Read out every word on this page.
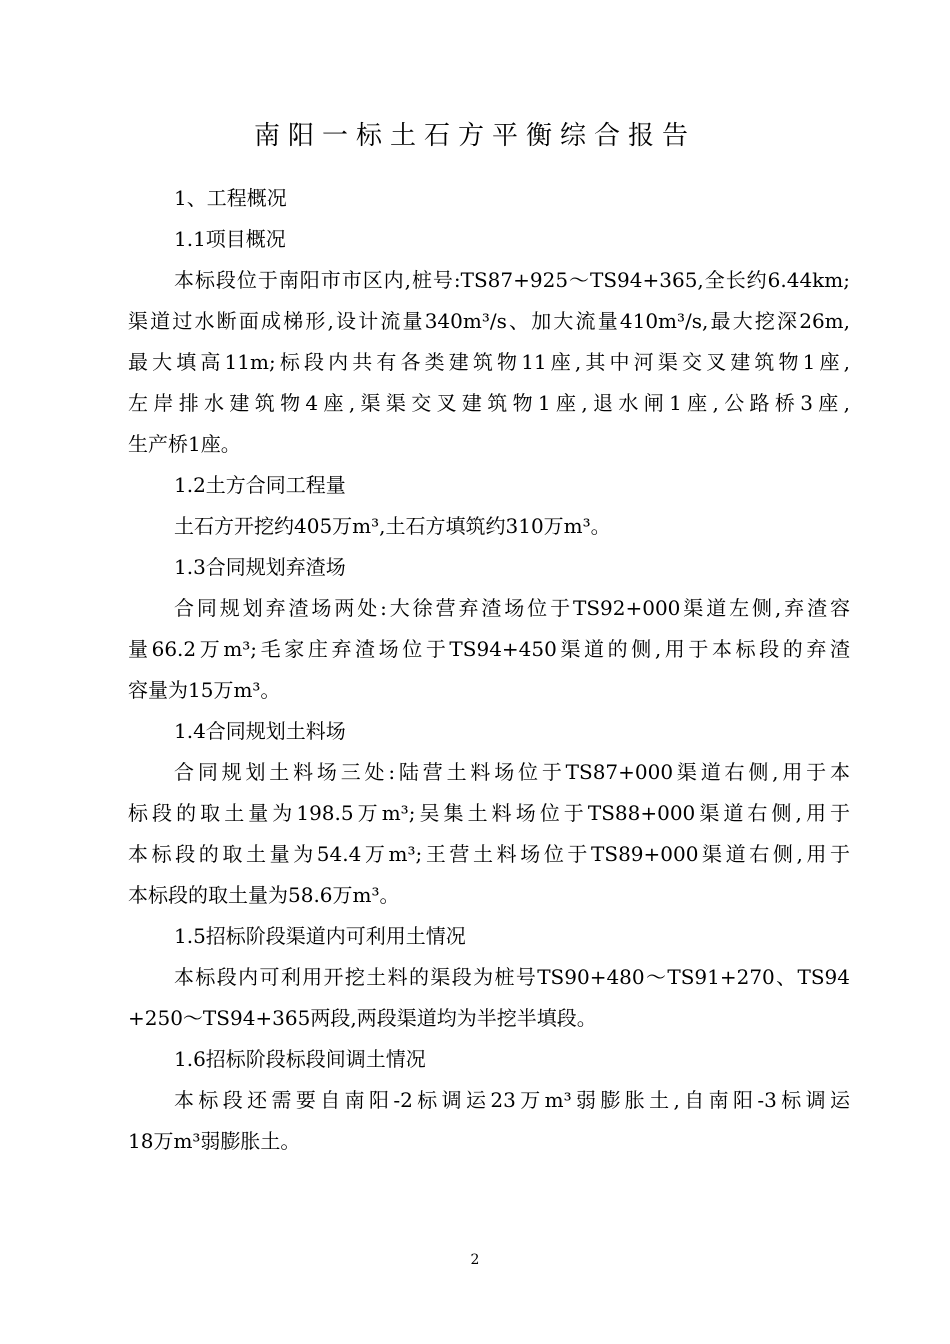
南阳一标土石方平衡综合报告
1、工程概况
1.1项目概况
本标段位于南阳市市区内,桩号:TS87+925～TS94+365,全长约6.44km;
渠道过水断面成梯形,设计流量340m³/s、加大流量410m³/s,最大挖深26m,
最大填高11m;标段内共有各类建筑物11座,其中河渠交叉建筑物1座,
左岸排水建筑物4座,渠渠交叉建筑物1座,退水闸1座,公路桥3座,
生产桥1座。
1.2土方合同工程量
土石方开挖约405万m³,土石方填筑约310万m³。
1.3合同规划弃渣场
合同规划弃渣场两处:大徐营弃渣场位于TS92+000渠道左侧,弃渣容
量66.2万m³;毛家庄弃渣场位于TS94+450渠道的侧,用于本标段的弃渣
容量为15万m³。
1.4合同规划土料场
合同规划土料场三处:陆营土料场位于TS87+000渠道右侧,用于本
标段的取土量为198.5万m³;吴集土料场位于TS88+000渠道右侧,用于
本标段的取土量为54.4万m³;王营土料场位于TS89+000渠道右侧,用于
本标段的取土量为58.6万m³。
1.5招标阶段渠道内可利用土情况
本标段内可利用开挖土料的渠段为桩号TS90+480～TS91+270、TS94
+250～TS94+365两段,两段渠道均为半挖半填段。
1.6招标阶段标段间调土情况
本标段还需要自南阳-2标调运23万m³弱膨胀土,自南阳-3标调运
18万m³弱膨胀土。
2
